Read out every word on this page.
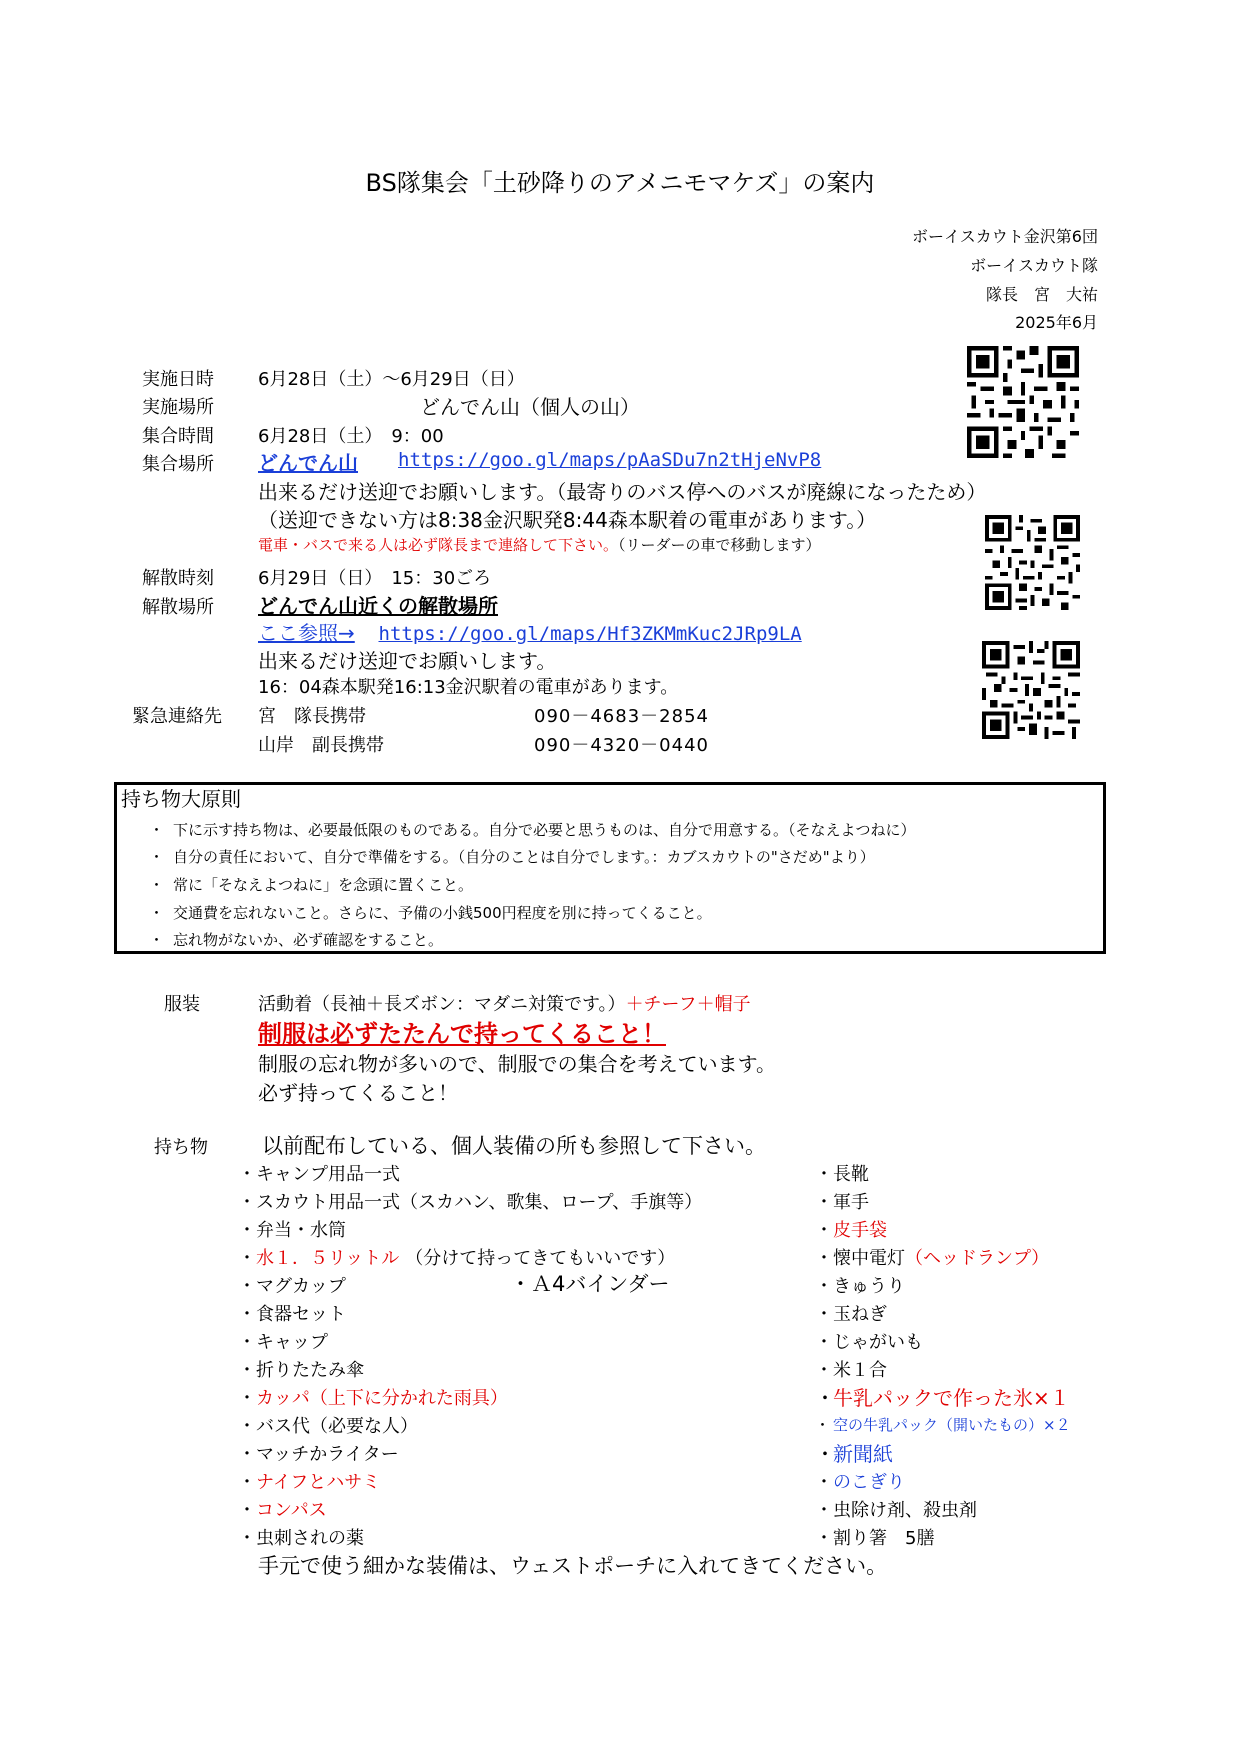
BS隊集会「土砂降りのアメニモマケズ」の案内
ボーイスカウト金沢第6団
ボーイスカウト隊
隊長　宮　大祐
2025年6月
実施日時 6月28日（土）～6月29日（日）
実施場所	どんでん山（個人の山）
集合時間 6月28日（土）　9：00
集合場所 どんでん山 https://goo.gl/maps/pAaSDu7n2tHjeNvP8
出来るだけ送迎でお願いします。（最寄りのバス停へのバスが廃線になったため）
（送迎できない方は8:38金沢駅発8:44森本駅着の電車があります。）
電車・バスで来る人は必ず隊長まで連絡して下さい。（リーダーの車で移動します）
解散時刻 6月29日（日）　15：30ごろ
解散場所 どんでん山近くの解散場所
ここ参照→ https://goo.gl/maps/Hf3ZKMmKuc2JRp9LA
出来るだけ送迎でお願いします。
16：04森本駅発16:13金沢駅着の電車があります。
緊急連絡先 宮　隊長携帯	090－4683－2854
山岸　副長携帯	090－4320－0440
持ち物大原則
・ 下に示す持ち物は、必要最低限のものである。自分で必要と思うものは、自分で用意する。（そなえよつねに）
・ 自分の責任において、自分で準備をする。（自分のことは自分でします。：カブスカウトの"さだめ"より）
・ 常に「そなえよつねに」を念頭に置くこと。
・ 交通費を忘れないこと。さらに、予備の小銭500円程度を別に持ってくること。
・ 忘れ物がないか、必ず確認をすること。
服装	活動着（長袖＋長ズボン：マダニ対策です。）＋チーフ＋帽子
制服は必ずたたんで持ってくること！
制服の忘れ物が多いので、制服での集合を考えています。
必ず持ってくること！
持ち物	以前配布している、個人装備の所も参照して下さい。
・キャンプ用品一式
・スカウト用品一式（スカハン、歌集、ロープ、手旗等）
・弁当・水筒
・水１．５リットル （分けて持ってきてもいいです）
・マグカップ	・Ａ4バインダー
・食器セット
・キャップ
・折りたたみ傘
・カッパ（上下に分かれた雨具）
・バス代（必要な人）
・マッチかライター
・ナイフとハサミ
・コンパス
・虫刺されの薬
・長靴
・軍手
・皮手袋
・懐中電灯（ヘッドランプ）
・きゅうり
・玉ねぎ
・じゃがいも
・米１合
・牛乳パックで作った氷×１
・ 空の牛乳パック（開いたもの）×２
・新聞紙
・のこぎり
・虫除け剤、殺虫剤
・割り箸　5膳
手元で使う細かな装備は、ウェストポーチに入れてきてください。
